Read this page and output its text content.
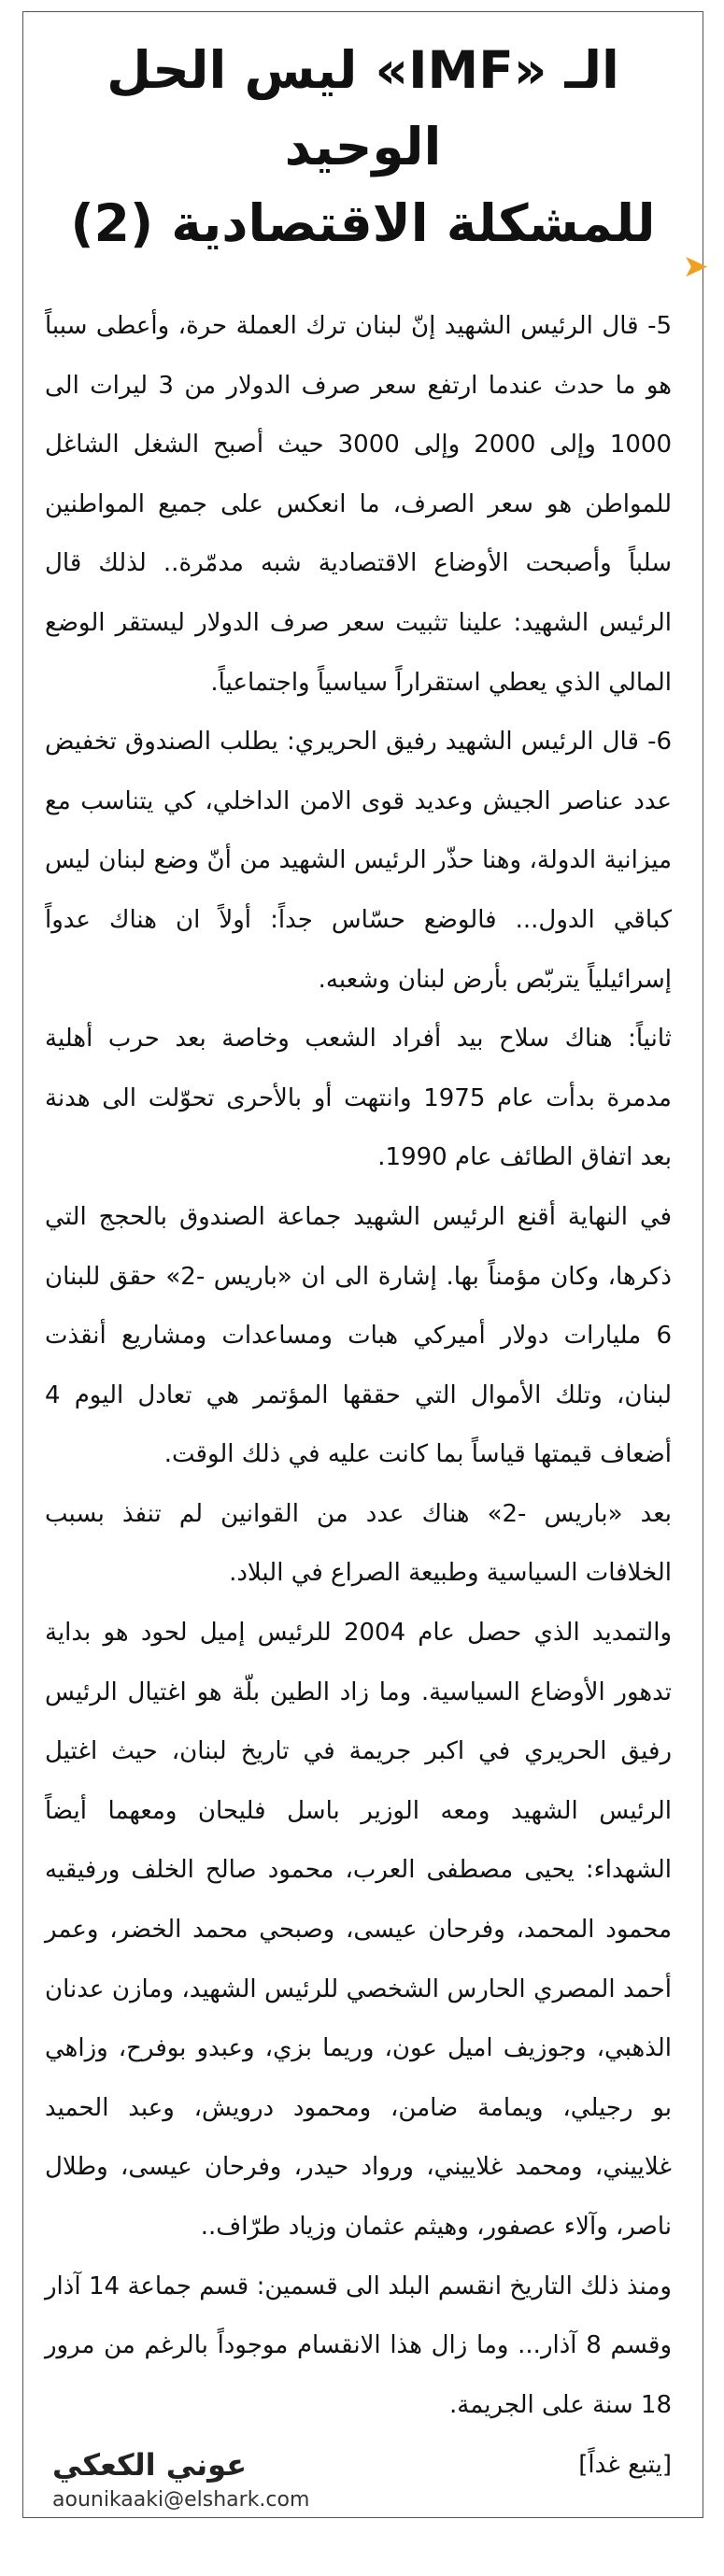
الـ «IMF» ليس الحل الوحيد
للمشكلة الاقتصادية (2)
➤

5- قال الرئيس الشهيد إنّ لبنان ترك العملة حرة، وأعطى سبباً هو ما حدث عندما ارتفع سعر صرف الدولار من 3 ليرات الى 1000 وإلى 2000 وإلى 3000 حيث أصبح الشغل الشاغل للمواطن هو سعر الصرف، ما انعكس على جميع المواطنين سلباً وأصبحت الأوضاع الاقتصادية شبه مدمّرة.. لذلك قال الرئيس الشهيد: علينا تثبيت سعر صرف الدولار ليستقر الوضع المالي الذي يعطي استقراراً سياسياً واجتماعياً.

6- قال الرئيس الشهيد رفيق الحريري: يطلب الصندوق تخفيض عدد عناصر الجيش وعديد قوى الامن الداخلي، كي يتناسب مع ميزانية الدولة، وهنا حذّر الرئيس الشهيد من أنّ وضع لبنان ليس كباقي الدول... فالوضع حسّاس جداً: أولاً ان هناك عدواً إسرائيلياً يتربّص بأرض لبنان وشعبه.

ثانياً: هناك سلاح بيد أفراد الشعب وخاصة بعد حرب أهلية مدمرة بدأت عام 1975 وانتهت أو بالأحرى تحوّلت الى هدنة بعد اتفاق الطائف عام 1990.

في النهاية أقنع الرئيس الشهيد جماعة الصندوق بالحجج التي ذكرها، وكان مؤمناً بها. إشارة الى ان «باريس -2» حقق للبنان 6 مليارات دولار أميركي هبات ومساعدات ومشاريع أنقذت لبنان، وتلك الأموال التي حققها المؤتمر هي تعادل اليوم 4 أضعاف قيمتها قياساً بما كانت عليه في ذلك الوقت.

بعد «باريس -2» هناك عدد من القوانين لم تنفذ بسبب الخلافات السياسية وطبيعة الصراع في البلاد.

والتمديد الذي حصل عام 2004 للرئيس إميل لحود هو بداية تدهور الأوضاع السياسية. وما زاد الطين بلّة هو اغتيال الرئيس رفيق الحريري في اكبر جريمة في تاريخ لبنان، حيث اغتيل الرئيس الشهيد ومعه الوزير باسل فليحان ومعهما أيضاً الشهداء: يحيى مصطفى العرب، محمود صالح الخلف ورفيقيه محمود المحمد، وفرحان عيسى، وصبحي محمد الخضر، وعمر أحمد المصري الحارس الشخصي للرئيس الشهيد، ومازن عدنان الذهبي، وجوزيف اميل عون، وريما بزي، وعبدو بوفرح، وزاهي بو رجيلي، ويمامة ضامن، ومحمود درويش، وعبد الحميد غلاييني، ومحمد غلاييني، ورواد حيدر، وفرحان عيسى، وطلال ناصر، وآلاء عصفور، وهيثم عثمان وزياد طرّاف..

ومنذ ذلك التاريخ انقسم البلد الى قسمين: قسم جماعة 14 آذار وقسم 8 آذار... وما زال هذا الانقسام موجوداً بالرغم من مرور 18 سنة على الجريمة.

[يتبع غداً]
عوني الكعكي
aounikaaki@elshark.com
